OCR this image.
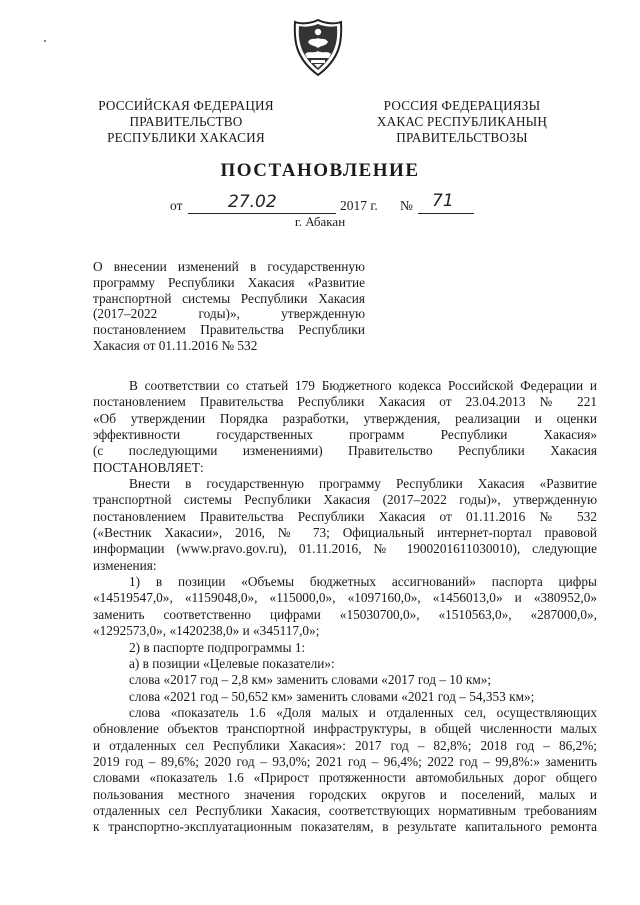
РОССИЙСКАЯ ФЕДЕРАЦИЯ
ПРАВИТЕЛЬСТВО
РЕСПУБЛИКИ ХАКАСИЯ
РОССИЯ ФЕДЕРАЦИЯЗЫ
ХАКАС РЕСПУБЛИКАНЫҢ
ПРАВИТЕЛЬСТВОЗЫ
ПОСТАНОВЛЕНИЕ
от	27.02	2017 г. № 71
г. Абакан
О внесении изменений в государственную
программу Республики Хакасия «Развитие
транспортной системы Республики Хакасия
(2017–2022 годы)», утвержденную
постановлением Правительства Республики
Хакасия от 01.11.2016 № 532
В соответствии со статьей 179 Бюджетного кодекса Российской Федерации и
постановлением Правительства Республики Хакасия от 23.04.2013 № 221
«Об утверждении Порядка разработки, утверждения, реализации и оценки
эффективности государственных программ Республики Хакасия»
(с последующими изменениями) Правительство Республики Хакасия
ПОСТАНОВЛЯЕТ:
Внести в государственную программу Республики Хакасия «Развитие
транспортной системы Республики Хакасия (2017–2022 годы)», утвержденную
постановлением Правительства Республики Хакасия от 01.11.2016 № 532
(«Вестник Хакасии», 2016, № 73; Официальный интернет-портал правовой
информации (www.pravo.gov.ru), 01.11.2016, № 1900201611030010), следующие
изменения:
1) в позиции «Объемы бюджетных ассигнований» паспорта цифры
«14519547,0», «1159048,0», «115000,0», «1097160,0», «1456013,0» и «380952,0»
заменить соответственно цифрами «15030700,0», «1510563,0», «287000,0»,
«1292573,0», «1420238,0» и «345117,0»;
2) в паспорте подпрограммы 1:
а) в позиции «Целевые показатели»:
слова «2017 год – 2,8 км» заменить словами «2017 год – 10 км»;
слова «2021 год – 50,652 км» заменить словами «2021 год – 54,353 км»;
слова «показатель 1.6 «Доля малых и отдаленных сел, осуществляющих
обновление объектов транспортной инфраструктуры, в общей численности малых
и отдаленных сел Республики Хакасия»: 2017 год – 82,8%; 2018 год – 86,2%;
2019 год – 89,6%; 2020 год – 93,0%; 2021 год – 96,4%; 2022 год – 99,8%:» заменить
словами «показатель 1.6 «Прирост протяженности автомобильных дорог общего
пользования местного значения городских округов и поселений, малых и
отдаленных сел Республики Хакасия, соответствующих нормативным требованиям
к транспортно-эксплуатационным показателям, в результате капитального ремонта
